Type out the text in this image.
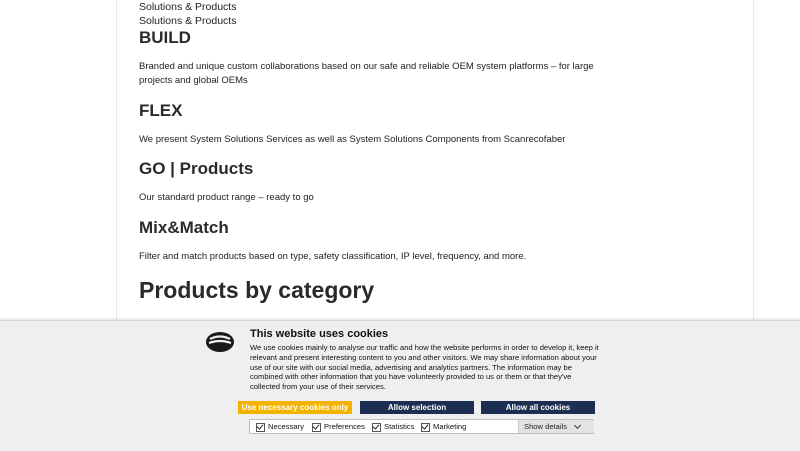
Solutions & Products
Solutions & Products
BUILD

Branded and unique custom collaborations based on our safe and reliable OEM system platforms – for large projects and global OEMs

FLEX

We present System Solutions Services as well as System Solutions Components from Scanrecofaber

GO | Products

Our standard product range – ready to go

Mix&Match

Filter and match products based on type, safety classification, IP level, frequency, and more.

Products by category
This website uses cookies
We use cookies mainly to analyse our traffic and how the website performs in order to develop it, keep it relevant and present interesting content to you and other visitors. We may share information about your use of our site with our social media, advertising and analytics partners. The information may be combined with other information that you have volunteerly provided to us or them or that they've collected from your use of their services.
Use necessary cookies only	Allow selection	Allow all cookies
Necessary	Preferences	Statistics Marketing	Show details
